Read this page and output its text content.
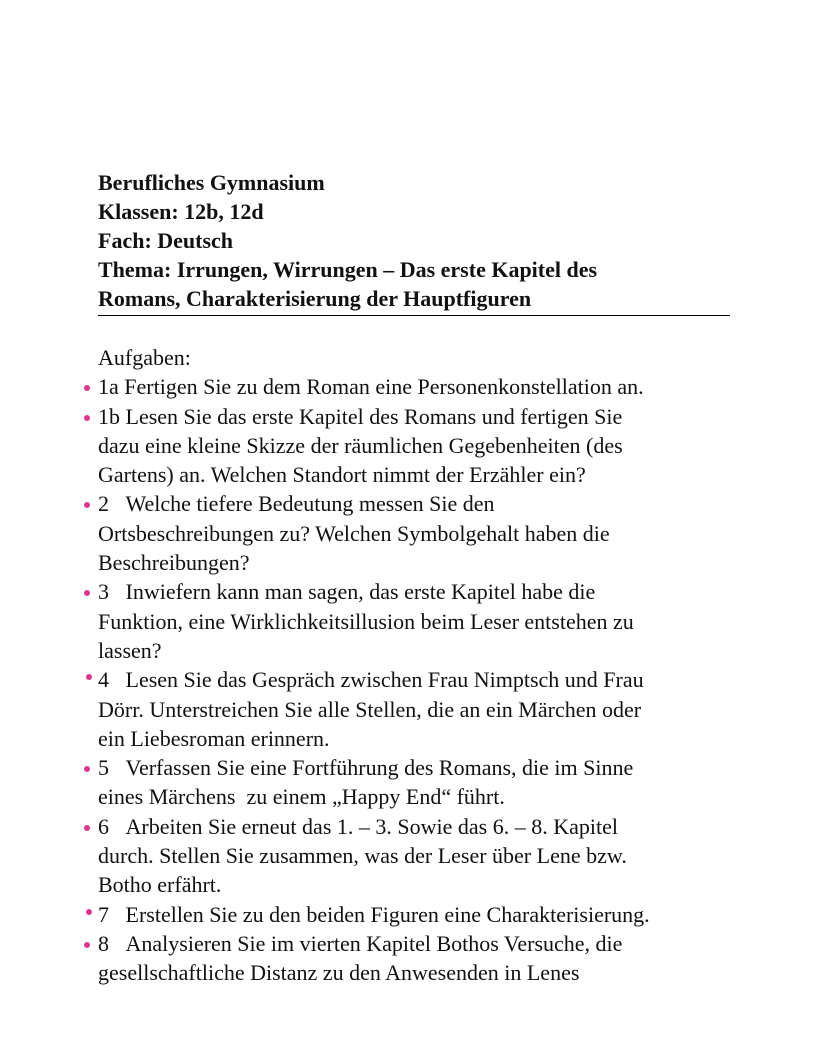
Berufliches Gymnasium
Klassen: 12b, 12d
Fach: Deutsch
Thema: Irrungen, Wirrungen – Das erste Kapitel des
Romans, Charakterisierung der Hauptfiguren
Aufgaben:
1a Fertigen Sie zu dem Roman eine Personenkonstellation an.
1b Lesen Sie das erste Kapitel des Romans und fertigen Sie
dazu eine kleine Skizze der räumlichen Gegebenheiten (des
Gartens) an. Welchen Standort nimmt der Erzähler ein?
2   Welche tiefere Bedeutung messen Sie den
Ortsbeschreibungen zu? Welchen Symbolgehalt haben die
Beschreibungen?
3   Inwiefern kann man sagen, das erste Kapitel habe die
Funktion, eine Wirklichkeitsillusion beim Leser entstehen zu
lassen?
4   Lesen Sie das Gespräch zwischen Frau Nimptsch und Frau
Dörr. Unterstreichen Sie alle Stellen, die an ein Märchen oder
ein Liebesroman erinnern.
5   Verfassen Sie eine Fortführung des Romans, die im Sinne
eines Märchens  zu einem „Happy End“ führt.
6   Arbeiten Sie erneut das 1. – 3. Sowie das 6. – 8. Kapitel
durch. Stellen Sie zusammen, was der Leser über Lene bzw.
Botho erfährt.
7   Erstellen Sie zu den beiden Figuren eine Charakterisierung.
8   Analysieren Sie im vierten Kapitel Bothos Versuche, die
gesellschaftliche Distanz zu den Anwesenden in Lenes
